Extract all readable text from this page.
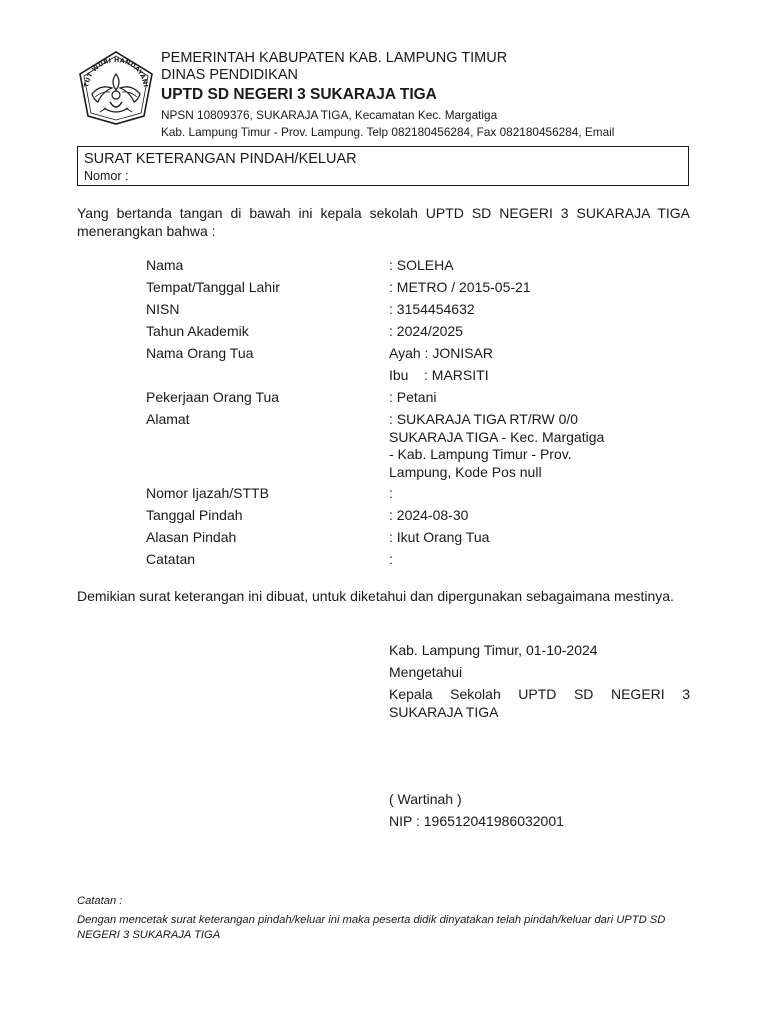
TUT WURI HANDAYANI
PEMERINTAH KABUPATEN KAB. LAMPUNG TIMUR
DINAS PENDIDIKAN
UPTD SD NEGERI 3 SUKARAJA TIGA
NPSN 10809376, SUKARAJA TIGA, Kecamatan Kec. Margatiga
Kab. Lampung Timur - Prov. Lampung. Telp 082180456284, Fax 082180456284, Email
SURAT KETERANGAN PINDAH/KELUAR
Nomor :
Yang bertanda tangan di bawah ini kepala sekolah UPTD SD NEGERI 3 SUKARAJA TIGA menerangkan bahwa :
Nama	: SOLEHA
Tempat/Tanggal Lahir	: METRO / 2015-05-21
NISN	: 3154454632
Tahun Akademik	: 2024/2025
Nama Orang Tua	Ayah : JONISAR
Ibu    : MARSITI
Pekerjaan Orang Tua	: Petani
Alamat	: SUKARAJA TIGA RT/RW 0/0
SUKARAJA TIGA - Kec. Margatiga
- Kab. Lampung Timur - Prov.
Lampung, Kode Pos null
Nomor Ijazah/STTB	:
Tanggal Pindah	: 2024-08-30
Alasan Pindah	: Ikut Orang Tua
Catatan	:
Demikian surat keterangan ini dibuat, untuk diketahui dan dipergunakan sebagaimana mestinya.
Kab. Lampung Timur, 01-10-2024
Mengetahui
Kepala Sekolah UPTD SD NEGERI 3 SUKARAJA TIGA
( Wartinah )
NIP : 196512041986032001
Catatan :
Dengan mencetak surat keterangan pindah/keluar ini maka peserta didik dinyatakan telah pindah/keluar dari UPTD SD NEGERI 3 SUKARAJA TIGA
